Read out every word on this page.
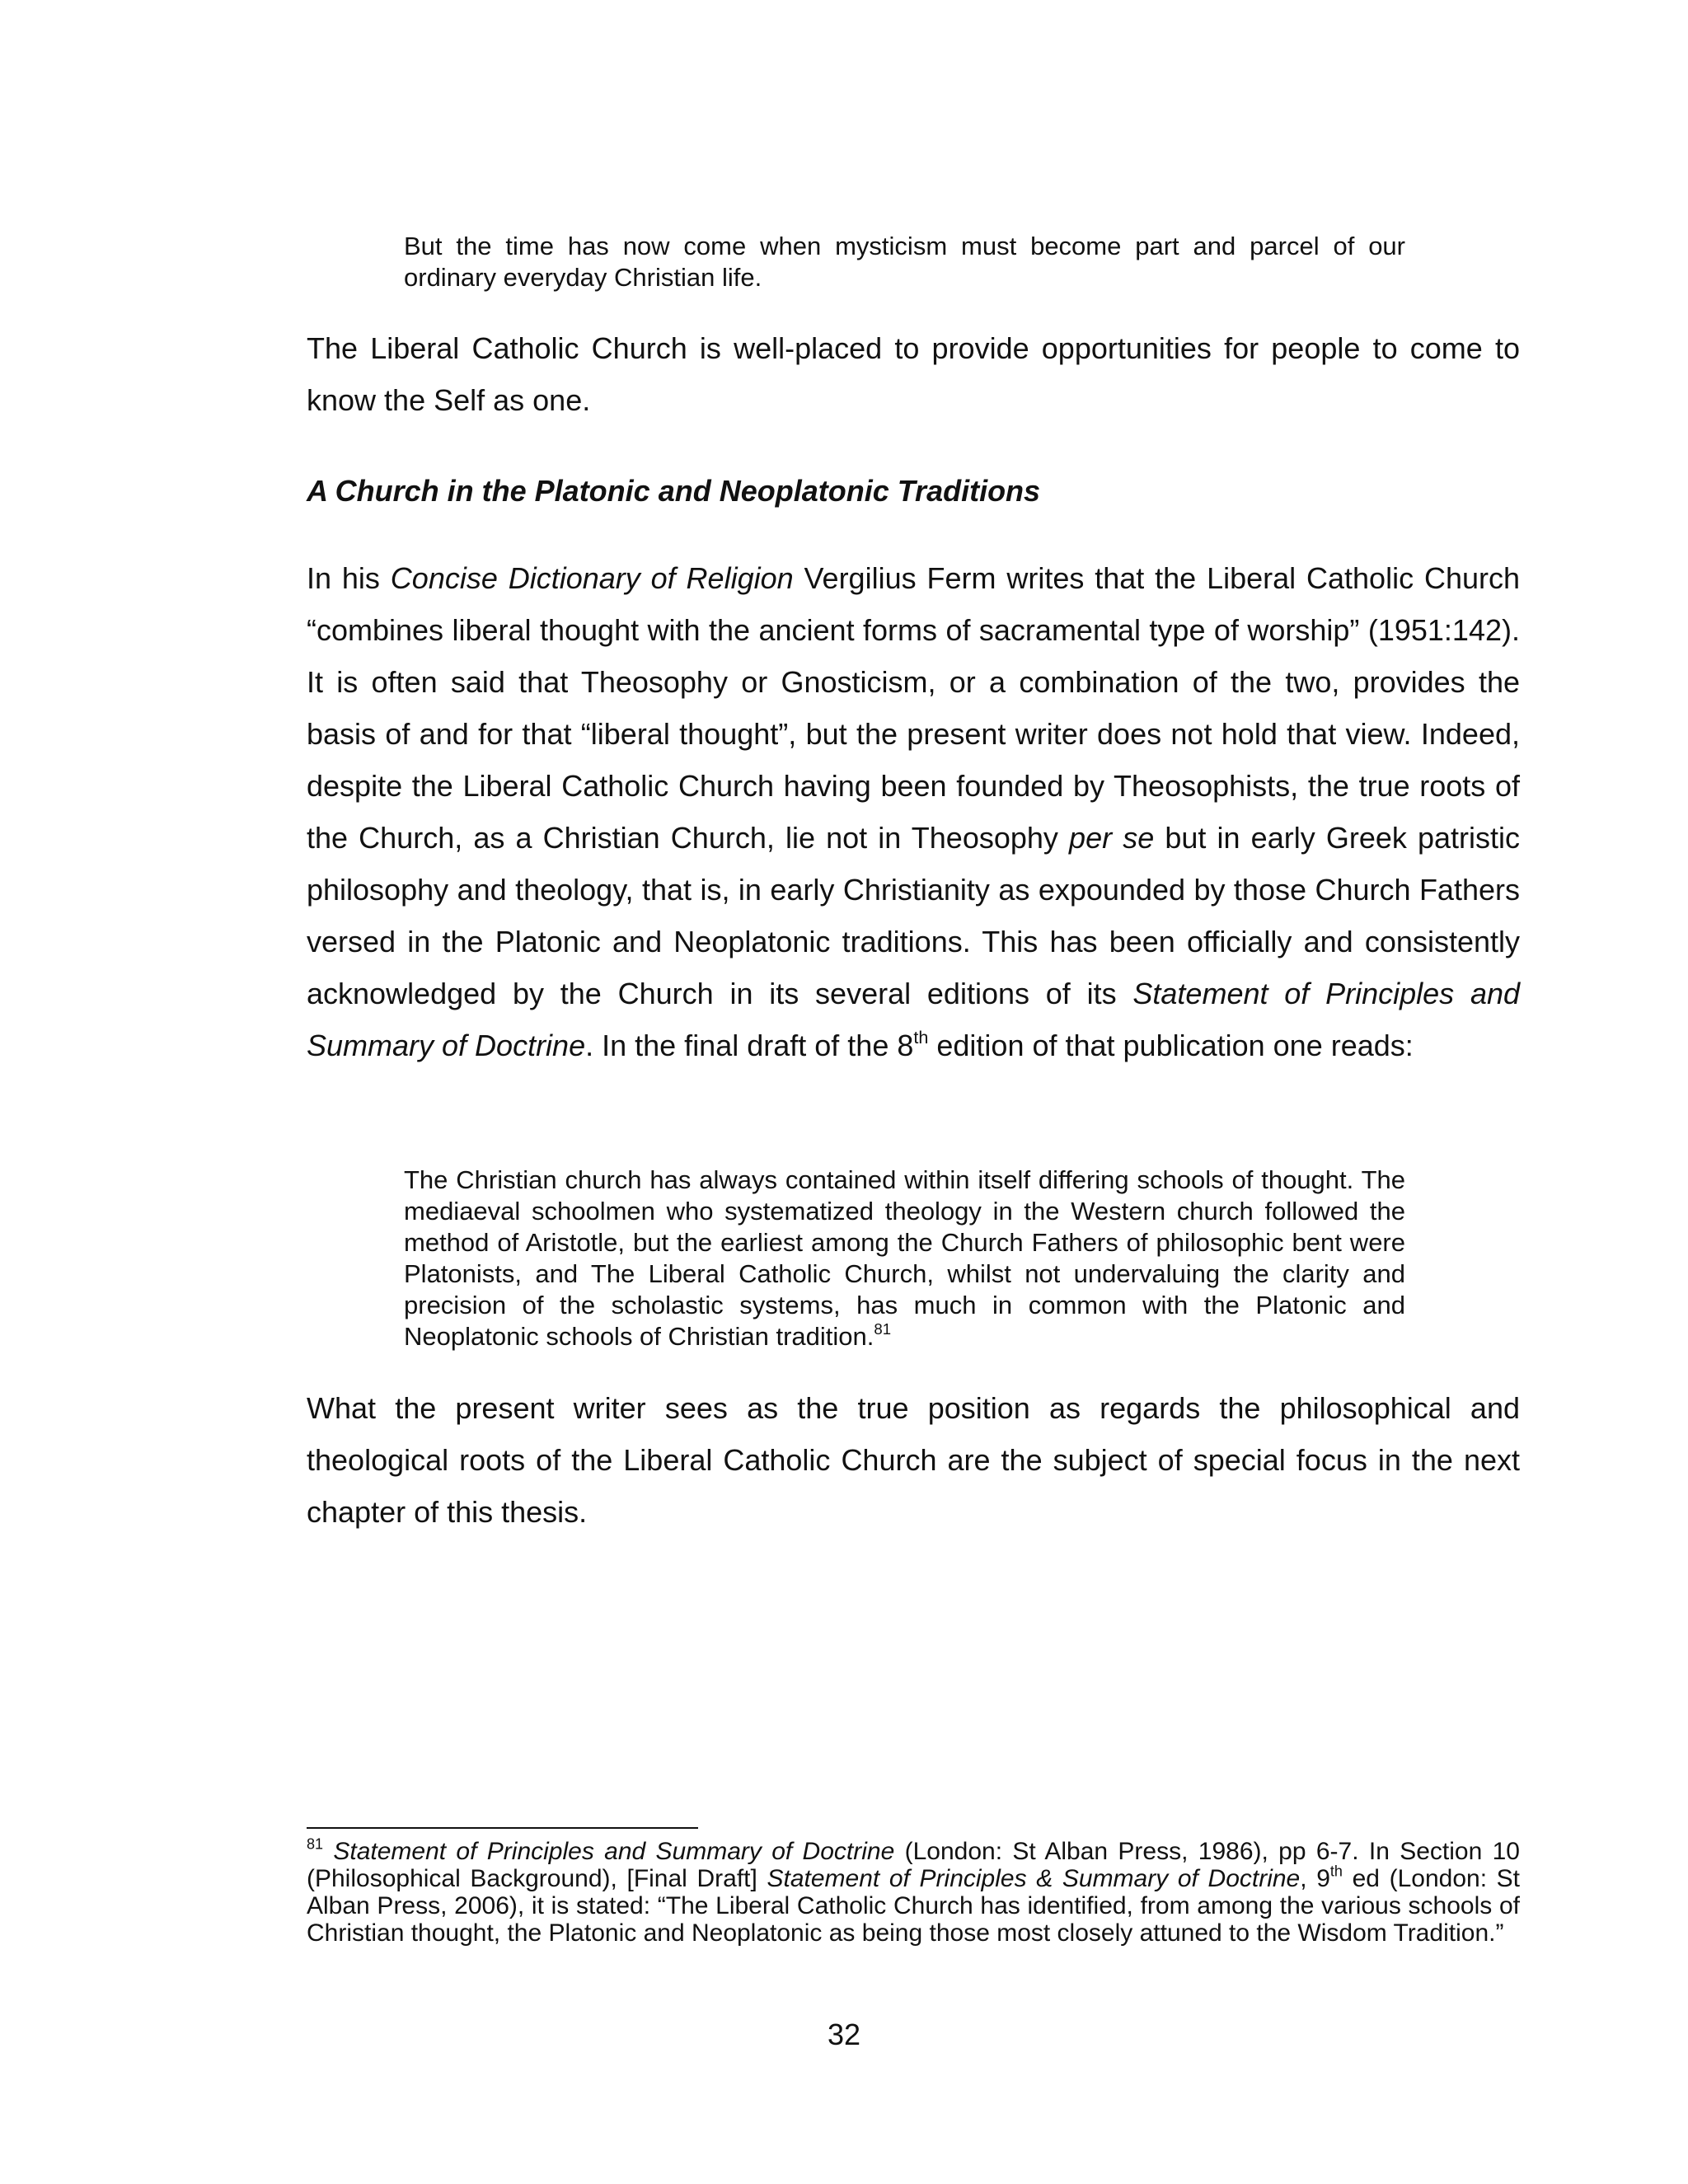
But the time has now come when mysticism must become part and parcel of our ordinary everyday Christian life.
The Liberal Catholic Church is well-placed to provide opportunities for people to come to know the Self as one.
A Church in the Platonic and Neoplatonic Traditions
In his Concise Dictionary of Religion Vergilius Ferm writes that the Liberal Catholic Church “combines liberal thought with the ancient forms of sacramental type of worship” (1951:142). It is often said that Theosophy or Gnosticism, or a combination of the two, provides the basis of and for that “liberal thought”, but the present writer does not hold that view. Indeed, despite the Liberal Catholic Church having been founded by Theosophists, the true roots of the Church, as a Christian Church, lie not in Theosophy per se but in early Greek patristic philosophy and theology, that is, in early Christianity as expounded by those Church Fathers versed in the Platonic and Neoplatonic traditions. This has been officially and consistently acknowledged by the Church in its several editions of its Statement of Principles and Summary of Doctrine. In the final draft of the 8th edition of that publication one reads:
The Christian church has always contained within itself differing schools of thought. The mediaeval schoolmen who systematized theology in the Western church followed the method of Aristotle, but the earliest among the Church Fathers of philosophic bent were Platonists, and The Liberal Catholic Church, whilst not undervaluing the clarity and precision of the scholastic systems, has much in common with the Platonic and Neoplatonic schools of Christian tradition.$^{81}$
What the present writer sees as the true position as regards the philosophical and theological roots of the Liberal Catholic Church are the subject of special focus in the next chapter of this thesis.
$^{81}$ Statement of Principles and Summary of Doctrine (London: St Alban Press, 1986), pp 6-7. In Section 10 (Philosophical Background), [Final Draft] Statement of Principles & Summary of Doctrine, 9th ed (London: St Alban Press, 2006), it is stated: “The Liberal Catholic Church has identified, from among the various schools of Christian thought, the Platonic and Neoplatonic as being those most closely attuned to the Wisdom Tradition.”
32
